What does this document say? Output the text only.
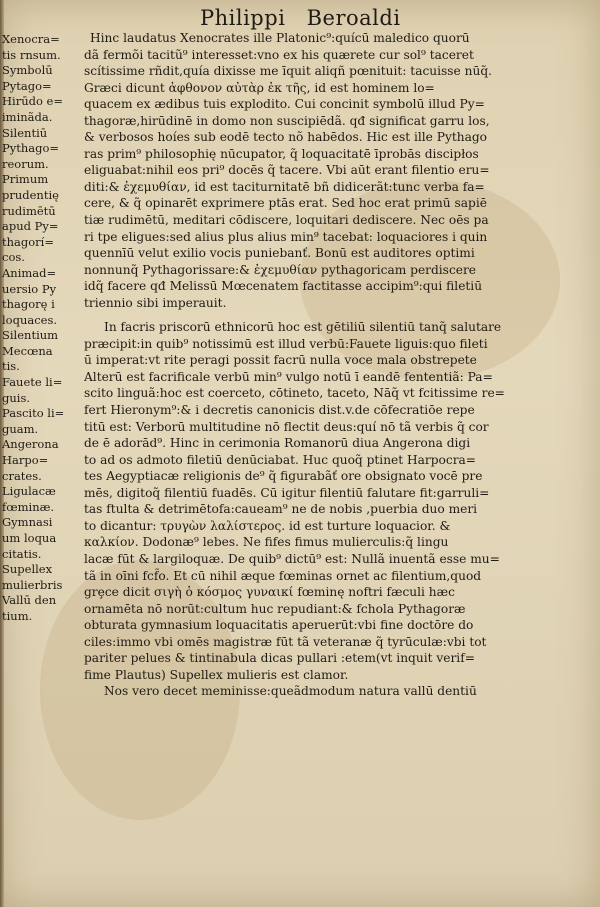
Philippi Beroaldi
Xenocra=
tis rnsum.
Symbolū
Pytago=
Hirūdo e=
iminãda.
Silentiū
Pythago=
reorum.
Primum
prudentię
rudimētū
apud Py=
thagorí=
cos.
Animad=
uersio Py
thagorę i
loquaces.
Silentium
Mecœna
tis.
Fauete li=
guis.
Pascito li=
guam.
Angerona
Harpo=
crates.
Ligulacæ
fœminæ.
Gymnasi
um loqua
citatis.
Supellex
mulierbris
Vallū den
tium.
Hinc laudatus Xenocrates ille Platonic⁹:quícū maledico quorū
dã fermõi tacitũ⁹ interesset:vno ex his quærete cur sol⁹ taceret
scítissime rñdit,quía dixisse me īquit aliqñ pœnituit: tacuisse nūq̃.
Græci dicunt ἀφθονον αὐτὰρ ἐκ τῆς, id est hominem lo=
quacem ex ædibus tuis explodito. Cui concinit symbolū illud Py=
thagoræ,hirūdinē in domo non suscipiēdã. qđ significat garru los,
& verbosos hoíes sub eodē tecto nõ habēdos. Hic est ille Pythago
ras prim⁹ philosophię nūcupator, q̃ loquacitatē īprobās discipłos
eliguabat:nihil eos pri⁹ docēs q̃ tacere. Vbi aūt erant filentio eru=
diti:& ἐχεμυθίαν, id est taciturnitatē bñ didicerãt:tunc verba fa=
cere, & q̃ opinarēt exprimere ptās erat. Sed hoc erat primū sapiē
tiæ rudimētū, meditari cōdiscere, loquitari dediscere. Nec oēs pa
ri tpe eligues:sed alius plus alius min⁹ tacebat: loquaciores i quin
quennīū velut exilio vocis puniebanť. Bonū est auditores optimi
nonnunq̃ Pythagorissare:& ἐχεμυθίαν pythagoricam perdiscere
idq̃ facere qđ Melissū Mœcenatem factitasse accipim⁹:qui filetiū
triennio sibi imperauit.
In facris priscorū ethnicorū hoc est gētiliū silentiū tanq̃ salutare
præcipit:in quib⁹ notissimū est illud verbū:Fauete liguis:quo fileti
ū imperat:vt rite peragi possit facrū nulla voce mala obstrepete
Alterū est facrificale verbū min⁹ vulgo notū ī eandē fententiã: Pa=
scito linguã:hoc est coerceto, cōtineto, taceto, Nāq̃ vt fcitissime re=
fert Hieronym⁹:& i decretis canonicis dist.v.de cōfecratiōe repe
titū est: Verborū multitudine nō flectit deus:quí nō tã verbis q̃ cor
de ē adorād⁹. Hinc in cerimonia Romanorū diua Angerona digi
to ad os admoto filetiū denūciabat. Huc quoq̃ ptinet Harpocra=
tes Aegyptiacæ religionis de⁹ q̃ figurabãť ore obsignato vocē pre
mēs, digitoq̃ filentiū fuadēs. Cū igitur filentiū falutare fit:garruli=
tas ftulta & detrimētofa:caueam⁹ ne de nobis ,puerbia duo meri
to dicantur: τρυγὼν λαλίστερος. id est turture loquacior. &
καλκίον. Dodonæ⁹ lebes. Ne fifes fimus mulierculis:q̃ lingu
lacæ fūt & largiloquæ. De quib⁹ dictū⁹ est: Nullã inuentã esse mu=
tã in oīni fcf̃o. Et cū nihil æque fœminas ornet ac filentium,quod
grȩce dicit σιγὴ ὁ κόσμος γυναικί fœminę noftri fæculi hæc
ornamēta nō norūt:cultum huc repudiant:& fchola Pythagoræ
obturata gymnasium loquacitatis aperuerūt:vbi fine doctōre do
ciles:immo vbi omēs magistræ fūt tã veteranæ q̃ tyrūculæ:vbi tot
pariter pelues & tintinabula dicas pullari :etem(vt inquit verif=
fime Plautus) Supellex mulieris est clamor.
Nos vero decet meminisse:queãdmodum natura vallū dentiū
